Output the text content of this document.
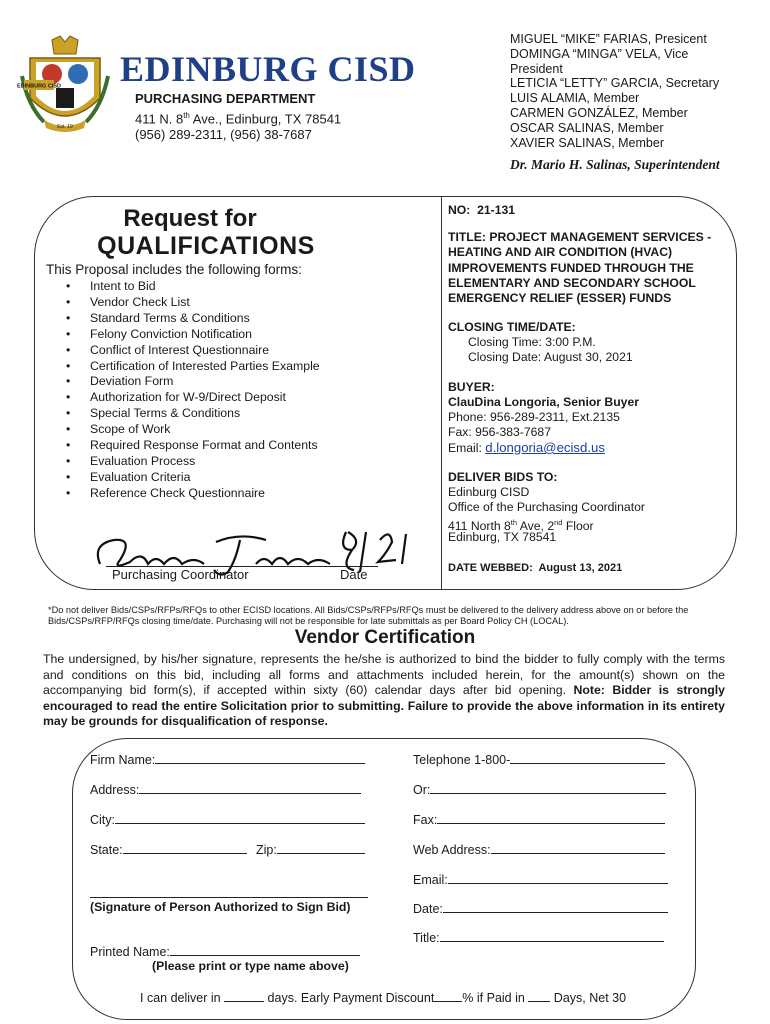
EDINBURG CISD
Est. 19
EDINBURG CISD
PURCHASING DEPARTMENT
411 N. 8th Ave., Edinburg, TX 78541
(956) 289-2311, (956) 38-7687
MIGUEL “MIKE” FARIAS, Presicent
DOMINGA “MINGA” VELA, Vice
President
LETICIA “LETTY” GARCIA, Secretary
LUIS ALAMIA, Member
CARMEN GONZÁLEZ, Member
OSCAR SALINAS, Member
XAVIER SALINAS, Member
Dr. Mario H. Salinas, Superintendent
Request for
QUALIFICATIONS
This Proposal includes the following forms:
• Intent to Bid
• Vendor Check List
• Standard Terms & Conditions
• Felony Conviction Notification
• Conflict of Interest Questionnaire
• Certification of Interested Parties Example
• Deviation Form
• Authorization for W-9/Direct Deposit
• Special Terms & Conditions
• Scope of Work
• Required Response Format and Contents
• Evaluation Process
• Evaluation Criteria
• Reference Check Questionnaire
Purchasing Coordinator	Date
NO: 21-131
TITLE: PROJECT MANAGEMENT SERVICES - HEATING AND AIR CONDITION (HVAC) IMPROVEMENTS FUNDED THROUGH THE ELEMENTARY AND SECONDARY SCHOOL EMERGENCY RELIEF (ESSER) FUNDS
CLOSING TIME/DATE:
Closing Time: 3:00 P.M.
Closing Date: August 30, 2021
BUYER:
ClauDina Longoria, Senior Buyer
Phone: 956-289-2311, Ext.2135
Fax: 956-383-7687
Email: d.longoria@ecisd.us
DELIVER BIDS TO:
Edinburg CISD
Office of the Purchasing Coordinator
411 North 8th Ave, 2nd Floor
Edinburg, TX 78541
DATE WEBBED: August 13, 2021
*Do not deliver Bids/CSPs/RFPs/RFQs to other ECISD locations. All Bids/CSPs/RFPs/RFQs must be delivered to the delivery address above on or before the Bids/CSPs/RFP/RFQs closing time/date. Purchasing will not be responsible for late submittals as per Board Policy CH (LOCAL).
Vendor Certification
The undersigned, by his/her signature, represents the he/she is authorized to bind the bidder to fully comply with the terms and conditions on this bid, including all forms and attachments included herein, for the amount(s) shown on the accompanying bid form(s), if accepted within sixty (60) calendar days after bid opening. Note: Bidder is strongly encouraged to read the entire Solicitation prior to submitting. Failure to provide the above information in its entirety may be grounds for disqualification of response.
Firm Name:
Address:
City:
State:	Zip:
Telephone 1-800-
Or:
Fax:
Web Address:
Email:
(Signature of Person Authorized to Sign Bid)	Date:
Title:
Printed Name:
(Please print or type name above)
I can deliver in	days. Early Payment Discount % if Paid in  Days, Net 30
